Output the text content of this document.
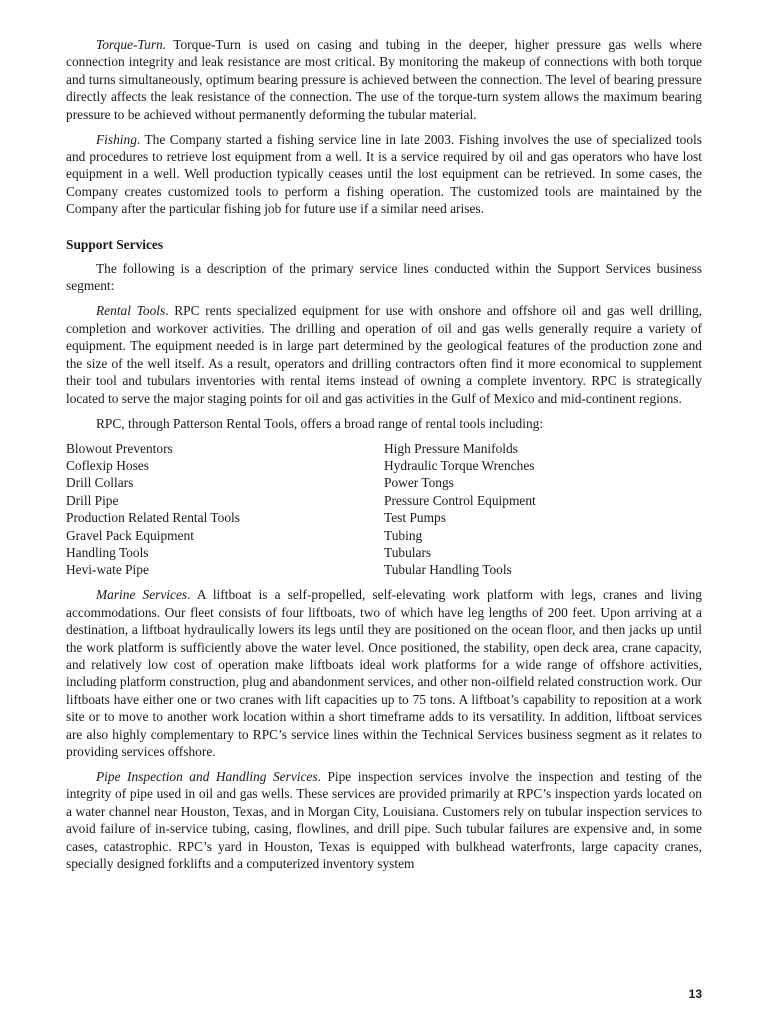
Torque-Turn. Torque-Turn is used on casing and tubing in the deeper, higher pressure gas wells where connection integrity and leak resistance are most critical. By monitoring the makeup of connections with both torque and turns simultaneously, optimum bearing pressure is achieved between the connection. The level of bearing pressure directly affects the leak resistance of the connection. The use of the torque-turn system allows the maximum bearing pressure to be achieved without permanently deforming the tubular material.

Fishing. The Company started a fishing service line in late 2003. Fishing involves the use of specialized tools and procedures to retrieve lost equipment from a well. It is a service required by oil and gas operators who have lost equipment in a well. Well production typically ceases until the lost equipment can be retrieved. In some cases, the Company creates customized tools to perform a fishing operation. The customized tools are maintained by the Company after the particular fishing job for future use if a similar need arises.

Support Services

The following is a description of the primary service lines conducted within the Support Services business segment:

Rental Tools. RPC rents specialized equipment for use with onshore and offshore oil and gas well drilling, completion and workover activities. The drilling and operation of oil and gas wells generally require a variety of equipment. The equipment needed is in large part determined by the geological features of the production zone and the size of the well itself. As a result, operators and drilling contractors often find it more economical to supplement their tool and tubulars inventories with rental items instead of owning a complete inventory. RPC is strategically located to serve the major staging points for oil and gas activities in the Gulf of Mexico and mid-continent regions.

RPC, through Patterson Rental Tools, offers a broad range of rental tools including:

Blowout Preventors
Coflexip Hoses
Drill Collars
Drill Pipe
Production Related Rental Tools
Gravel Pack Equipment
Handling Tools
Hevi-wate Pipe
High Pressure Manifolds
Hydraulic Torque Wrenches
Power Tongs
Pressure Control Equipment
Test Pumps
Tubing
Tubulars
Tubular Handling Tools

Marine Services. A liftboat is a self-propelled, self-elevating work platform with legs, cranes and living accommodations. Our fleet consists of four liftboats, two of which have leg lengths of 200 feet. Upon arriving at a destination, a liftboat hydraulically lowers its legs until they are positioned on the ocean floor, and then jacks up until the work platform is sufficiently above the water level. Once positioned, the stability, open deck area, crane capacity, and relatively low cost of operation make liftboats ideal work platforms for a wide range of offshore activities, including platform construction, plug and abandonment services, and other non-oilfield related construction work. Our liftboats have either one or two cranes with lift capacities up to 75 tons. A liftboat’s capability to reposition at a work site or to move to another work location within a short timeframe adds to its versatility. In addition, liftboat services are also highly complementary to RPC’s service lines within the Technical Services business segment as it relates to providing services offshore.

Pipe Inspection and Handling Services. Pipe inspection services involve the inspection and testing of the integrity of pipe used in oil and gas wells. These services are provided primarily at RPC’s inspection yards located on a water channel near Houston, Texas, and in Morgan City, Louisiana. Customers rely on tubular inspection services to avoid failure of in-service tubing, casing, flowlines, and drill pipe. Such tubular failures are expensive and, in some cases, catastrophic. RPC’s yard in Houston, Texas is equipped with bulkhead waterfronts, large capacity cranes, specially designed forklifts and a computerized inventory system

13
